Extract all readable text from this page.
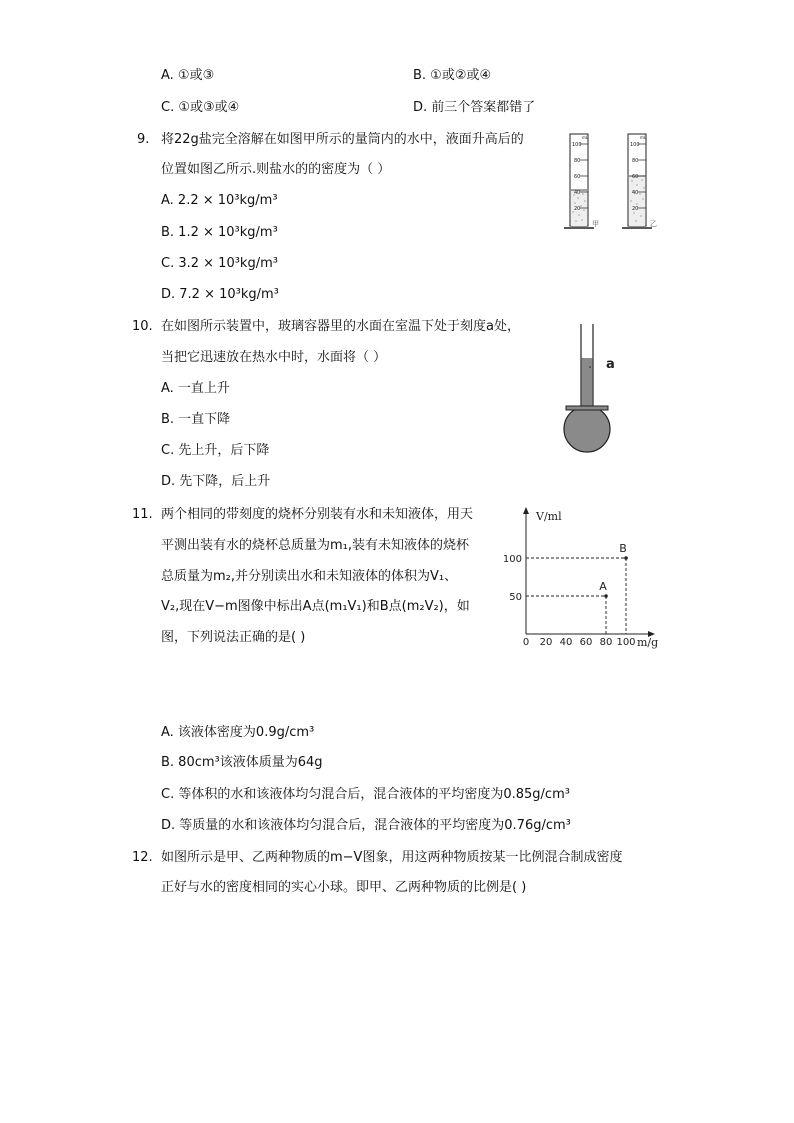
A. ①或③	B. ①或②或④
C. ①或③或④	D. 前三个答案都错了
9. 将22g盐完全溶解在如图甲所示的量筒内的水中，液面升高后的
位置如图乙所示.则盐水的的密度为（ ）
A. 2.2 × 10³kg/m³
B. 1.2 × 10³kg/m³
C. 3.2 × 10³kg/m³
D. 7.2 × 10³kg/m³
100
80
60
40
20
mL
甲
100
80
60
40
20
mL
乙
10. 在如图所示装置中，玻璃容器里的水面在室温下处于刻度a处，
当把它迅速放在热水中时，水面将（ ）
A. 一直上升
B. 一直下降
C. 先上升，后下降
D. 先下降，后上升
a
11. 两个相同的带刻度的烧杯分别装有水和未知液体，用天
平测出装有水的烧杯总质量为m₁,装有未知液体的烧杯
总质量为m₂,并分别读出水和未知液体的体积为V₁、
V₂,现在V−m图像中标出A点(m₁V₁)和B点(m₂V₂)，如
图，下列说法正确的是( )
V/ml
m/g
0 20 40 60 80 100
50
100
A
B
A. 该液体密度为0.9g/cm³
B. 80cm³该液体质量为64g
C. 等体积的水和该液体均匀混合后，混合液体的平均密度为0.85g/cm³
D. 等质量的水和该液体均匀混合后，混合液体的平均密度为0.76g/cm³
12. 如图所示是甲、乙两种物质的m−V图象，用这两种物质按某一比例混合制成密度
正好与水的密度相同的实心小球。即甲、乙两种物质的比例是( )
